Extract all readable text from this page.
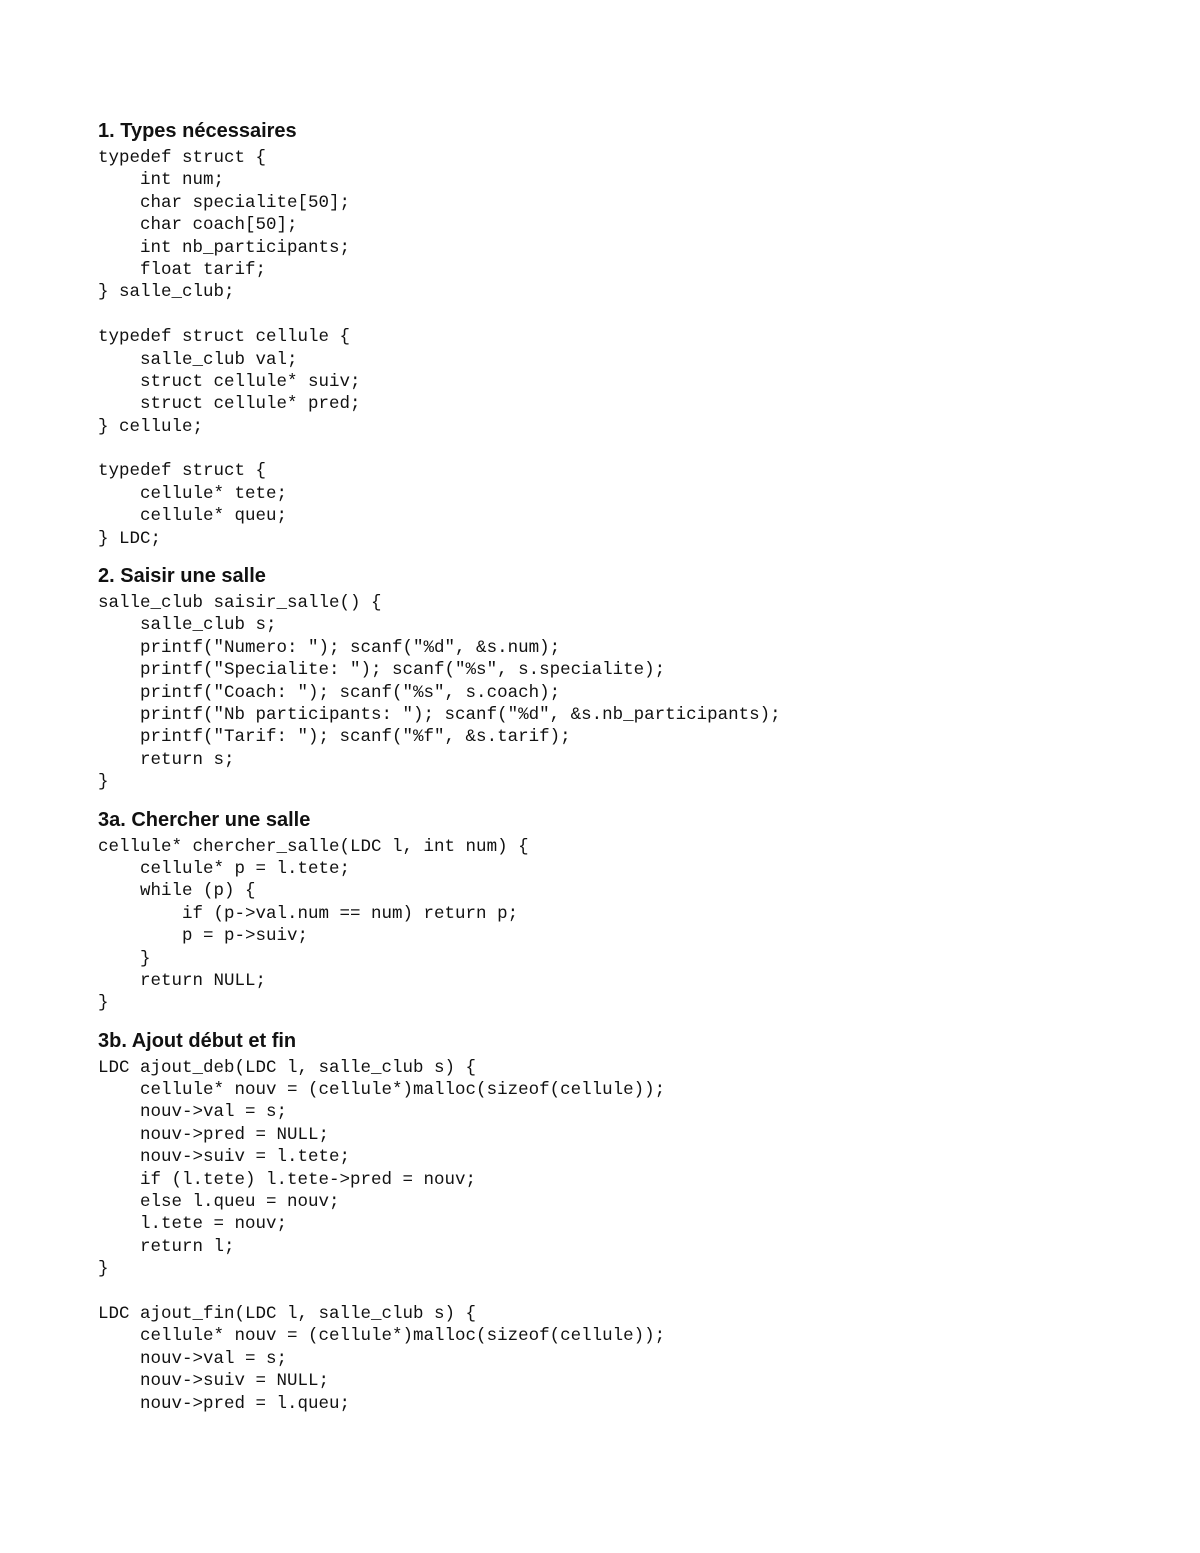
1. Types nécessaires
typedef struct {
int num;
char specialite[50];
char coach[50];
int nb_participants;
float tarif;
} salle_club;
typedef struct cellule {
salle_club val;
struct cellule* suiv;
struct cellule* pred;
} cellule;
typedef struct {
cellule* tete;
cellule* queu;
} LDC;
2. Saisir une salle
salle_club saisir_salle() {
salle_club s;
printf("Numero: "); scanf("%d", &s.num);
printf("Specialite: "); scanf("%s", s.specialite);
printf("Coach: "); scanf("%s", s.coach);
printf("Nb participants: "); scanf("%d", &s.nb_participants);
printf("Tarif: "); scanf("%f", &s.tarif);
return s;
}
3a. Chercher une salle
cellule* chercher_salle(LDC l, int num) {
cellule* p = l.tete;
while (p) {
if (p->val.num == num) return p;
p = p->suiv;
}
return NULL;
}
3b. Ajout début et fin
LDC ajout_deb(LDC l, salle_club s) {
cellule* nouv = (cellule*)malloc(sizeof(cellule));
nouv->val = s;
nouv->pred = NULL;
nouv->suiv = l.tete;
if (l.tete) l.tete->pred = nouv;
else l.queu = nouv;
l.tete = nouv;
return l;
}
LDC ajout_fin(LDC l, salle_club s) {
cellule* nouv = (cellule*)malloc(sizeof(cellule));
nouv->val = s;
nouv->suiv = NULL;
nouv->pred = l.queu;
